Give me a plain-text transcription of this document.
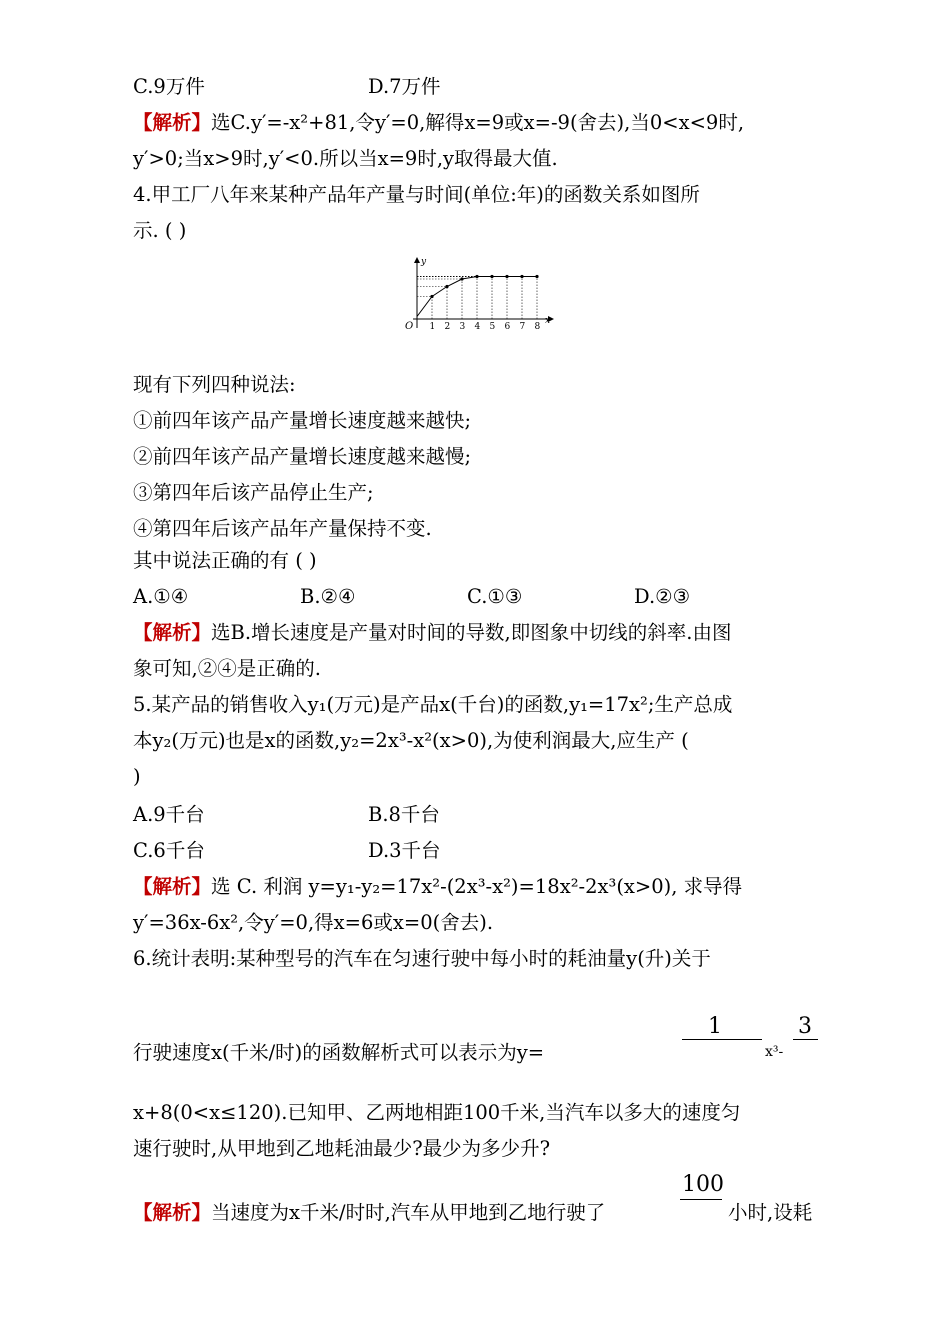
C.9万件	D.7万件
【解析】选C.y′=-x²+81,令y′=0,解得x=9或x=-9(舍去),当0<x<9时,
y′>0;当x>9时,y′<0.所以当x=9时,y取得最大值.
4.甲工厂八年来某种产品年产量与时间(单位:年)的函数关系如图所
示. ( )
1 2 3 4 5 6 7 8
y
x
O
现有下列四种说法:
①前四年该产品产量增长速度越来越快;
②前四年该产品产量增长速度越来越慢;
③第四年后该产品停止生产;
④第四年后该产品年产量保持不变.
其中说法正确的有 ( )
A.①④	B.②④	C.①③	D.②③
【解析】选B.增长速度是产量对时间的导数,即图象中切线的斜率.由图
象可知,②④是正确的.
5.某产品的销售收入y₁(万元)是产品x(千台)的函数,y₁=17x²;生产总成
本y₂(万元)也是x的函数,y₂=2x³-x²(x>0),为使利润最大,应生产 (
)
A.9千台	B.8千台
C.6千台	D.3千台
【解析】选 C. 利润 y=y₁-y₂=17x²-(2x³-x²)=18x²-2x³(x>0), 求导得
y′=36x-6x²,令y′=0,得x=6或x=0(舍去).
6.统计表明:某种型号的汽车在匀速行驶中每小时的耗油量y(升)关于
1	3
行驶速度x(千米/时)的函数解析式可以表示为y=	x³-
x+8(0<x≤120).已知甲、乙两地相距100千米,当汽车以多大的速度匀
速行驶时,从甲地到乙地耗油最少?最少为多少升?
100
【解析】当速度为x千米/时时,汽车从甲地到乙地行驶了	小时,设耗
